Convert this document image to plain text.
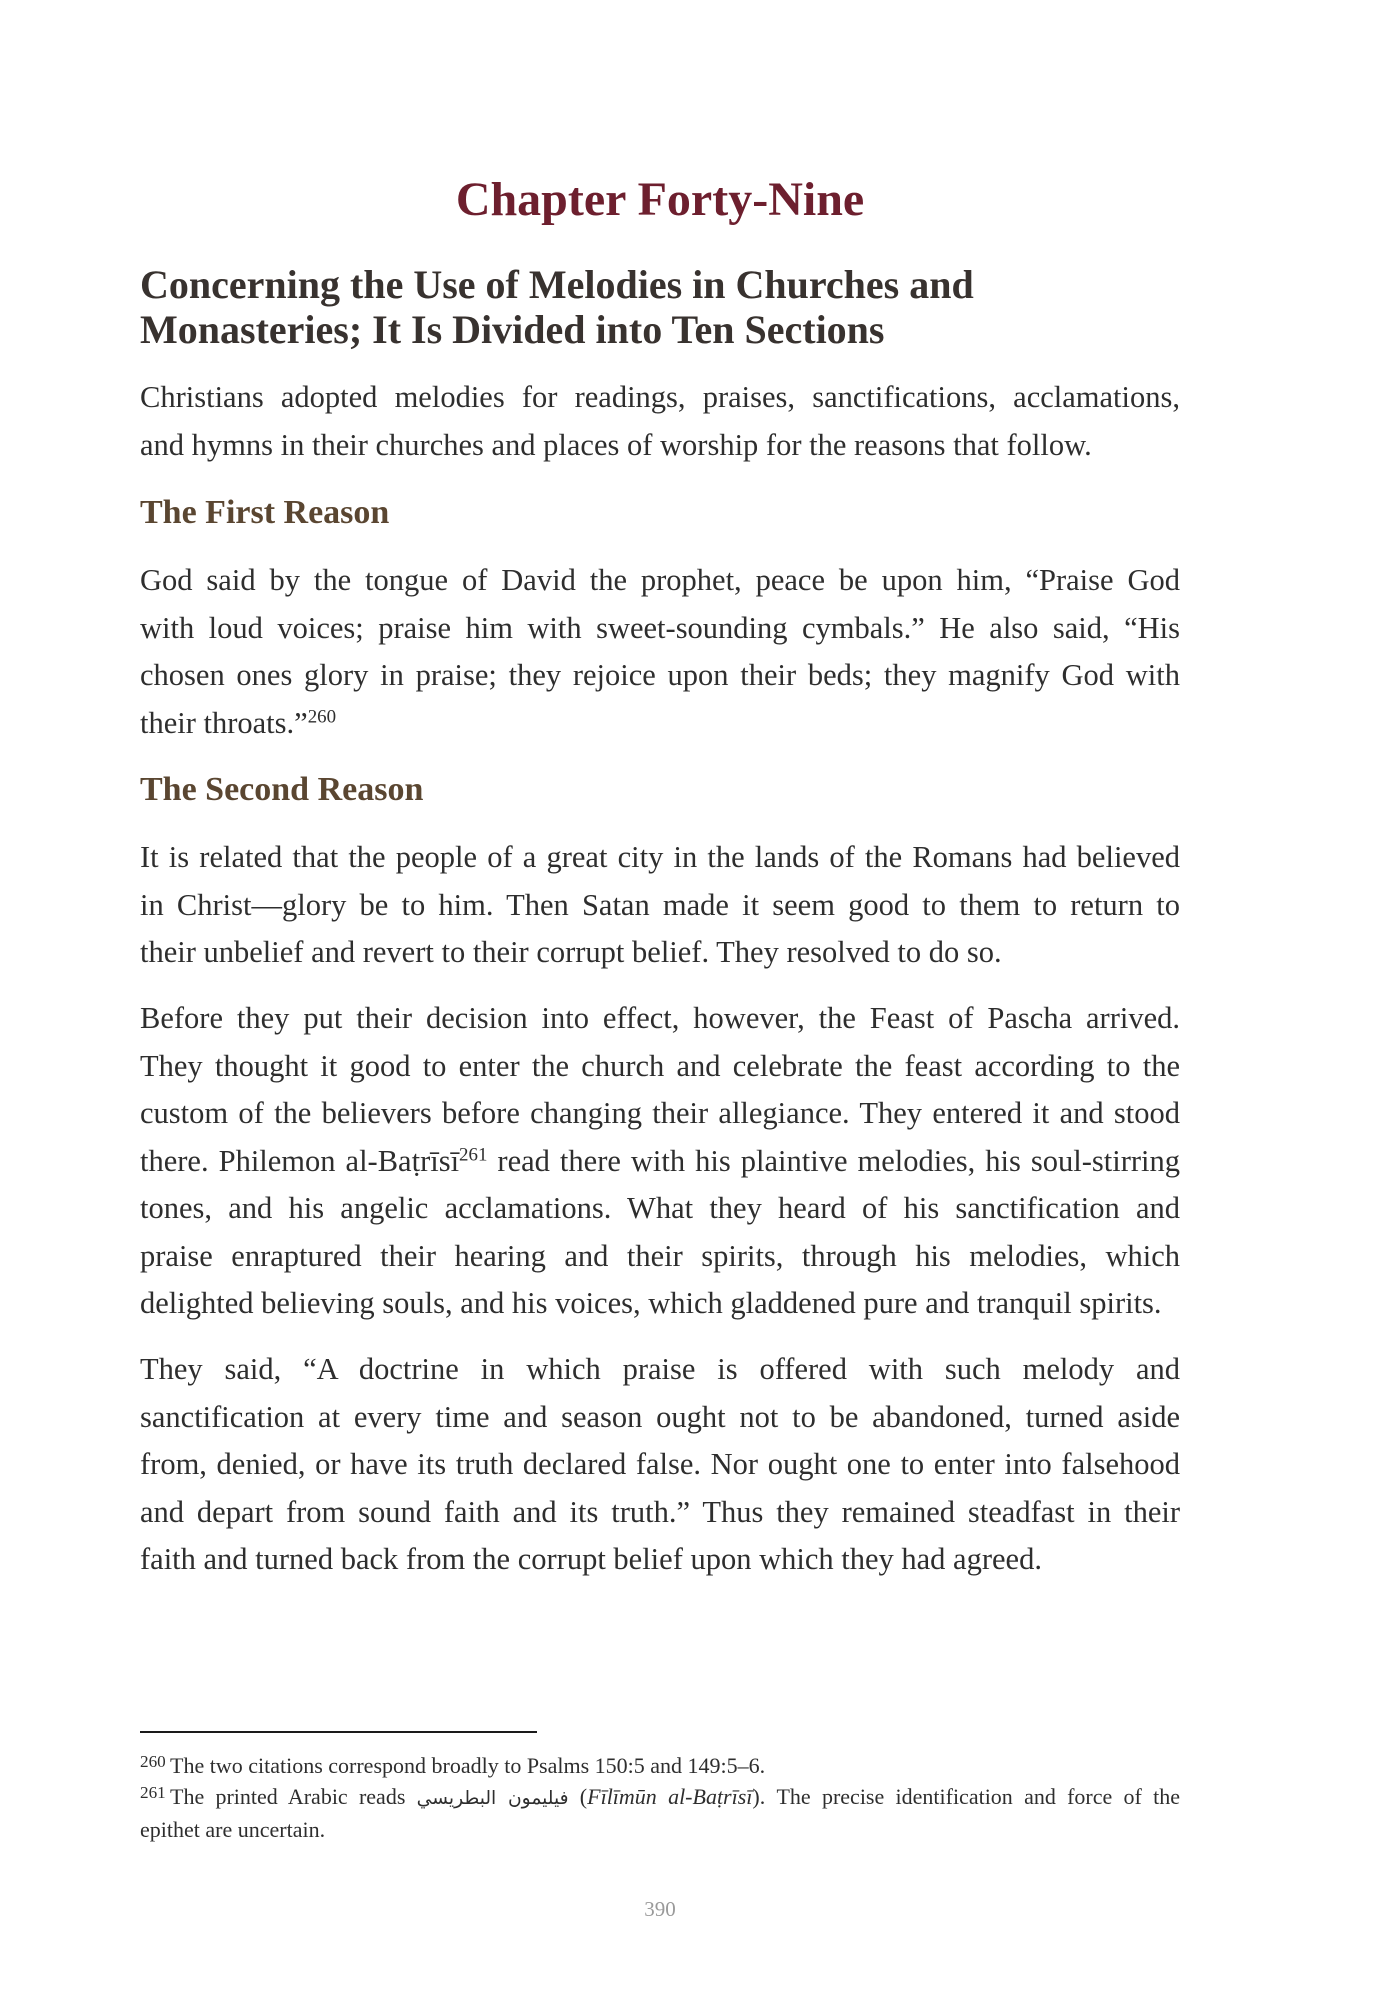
Chapter Forty-Nine
Concerning the Use of Melodies in Churches and
Monasteries; It Is Divided into Ten Sections

Christians adopted melodies for readings, praises, sanctifications, acclamations,
and hymns in their churches and places of worship for the reasons that follow.

The First Reason

God said by the tongue of David the prophet, peace be upon him, “Praise God
with loud voices; praise him with sweet-sounding cymbals.” He also said, “His
chosen ones glory in praise; they rejoice upon their beds; they magnify God with
their throats.”$^{260}$

The Second Reason

It is related that the people of a great city in the lands of the Romans had believed
in Christ—glory be to him. Then Satan made it seem good to them to return to
their unbelief and revert to their corrupt belief. They resolved to do so.

Before they put their decision into effect, however, the Feast of Pascha arrived.
They thought it good to enter the church and celebrate the feast according to the
custom of the believers before changing their allegiance. They entered it and stood
there. Philemon al-Baṭrīsī$^{261}$ read there with his plaintive melodies, his soul-stirring
tones, and his angelic acclamations. What they heard of his sanctification and
praise enraptured their hearing and their spirits, through his melodies, which
delighted believing souls, and his voices, which gladdened pure and tranquil spirits.

They said, “A doctrine in which praise is offered with such melody and
sanctification at every time and season ought not to be abandoned, turned aside
from, denied, or have its truth declared false. Nor ought one to enter into falsehood
and depart from sound faith and its truth.” Thus they remained steadfast in their
faith and turned back from the corrupt belief upon which they had agreed.

$^{260}$ The two citations correspond broadly to Psalms 150:5 and 149:5–6.
$^{261}$ The printed Arabic reads فيليمون البطريسي (Fīlīmūn al-Baṭrīsī). The precise identification and force of the
epithet are uncertain.
390
